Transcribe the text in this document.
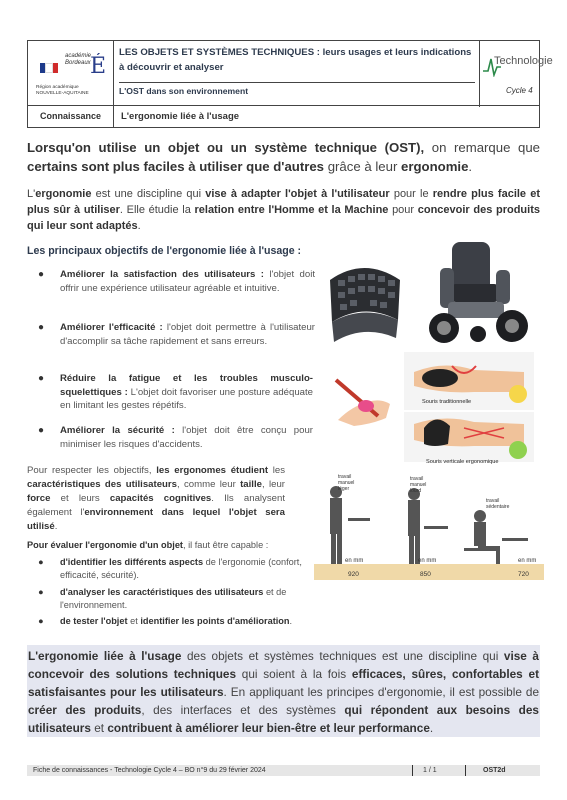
académie
Bordeaux É
Région académique
NOUVELLE-AQUITAINE
LES OBJETS ET SYSTÈMES TECHNIQUES : leurs usages et leurs indications à découvrir et analyser
L'OST dans son environnement
Technologie
Cycle 4
Connaissance	L'ergonomie liée à l'usage

Lorsqu'on utilise un objet ou un système technique (OST), on remarque que certains sont plus faciles à utiliser que d'autres grâce à leur ergonomie.

L'ergonomie est une discipline qui vise à adapter l'objet à l'utilisateur pour le rendre plus facile et plus sûr à utiliser. Elle étudie la relation entre l'Homme et la Machine pour concevoir des produits qui leur sont adaptés.

Les principaux objectifs de l'ergonomie liée à l'usage :
● Améliorer la satisfaction des utilisateurs : l'objet doit offrir une expérience utilisateur agréable et intuitive.
● Améliorer l'efficacité : l'objet doit permettre à l'utilisateur d'accomplir sa tâche rapidement et sans erreurs.
● Réduire la fatigue et les troubles musculo-squelettiques : L'objet doit favoriser une posture adéquate en limitant les gestes répétifs.
● Améliorer la sécurité : l'objet doit être conçu pour minimiser les risques d'accidents.
Pour respecter les objectifs, les ergonomes étudient les caractéristiques des utilisateurs, comme leur taille, leur force et leurs capacités cognitives. Ils analysent également l'environnement dans lequel l'objet sera utilisé.
Pour évaluer l'ergonomie d'un objet, il faut être capable :
● d'identifier les différents aspects de l'ergonomie (confort, efficacité, sécurité).
● d'analyser les caractéristiques des utilisateurs et de l'environnement.
● de tester l'objet et identifier les points d'amélioration.
Souris traditionnelle
Souris verticale ergonomique
travail manuel léger
travail manuel lourd
travail sédentaire
en mm	en mm	en mm
920	850	720
L'ergonomie liée à l'usage des objets et systèmes techniques est une discipline qui vise à concevoir des solutions techniques qui soient à la fois efficaces, sûres, confortables et satisfaisantes pour les utilisateurs. En appliquant les principes d'ergonomie, il est possible de créer des produits, des interfaces et des systèmes qui répondent aux besoins des utilisateurs et contribuent à améliorer leur bien-être et leur performance.
Fiche de connaissances - Technologie Cycle 4 – BO n°9 du 29 février 2024	1 / 1	OST2d
